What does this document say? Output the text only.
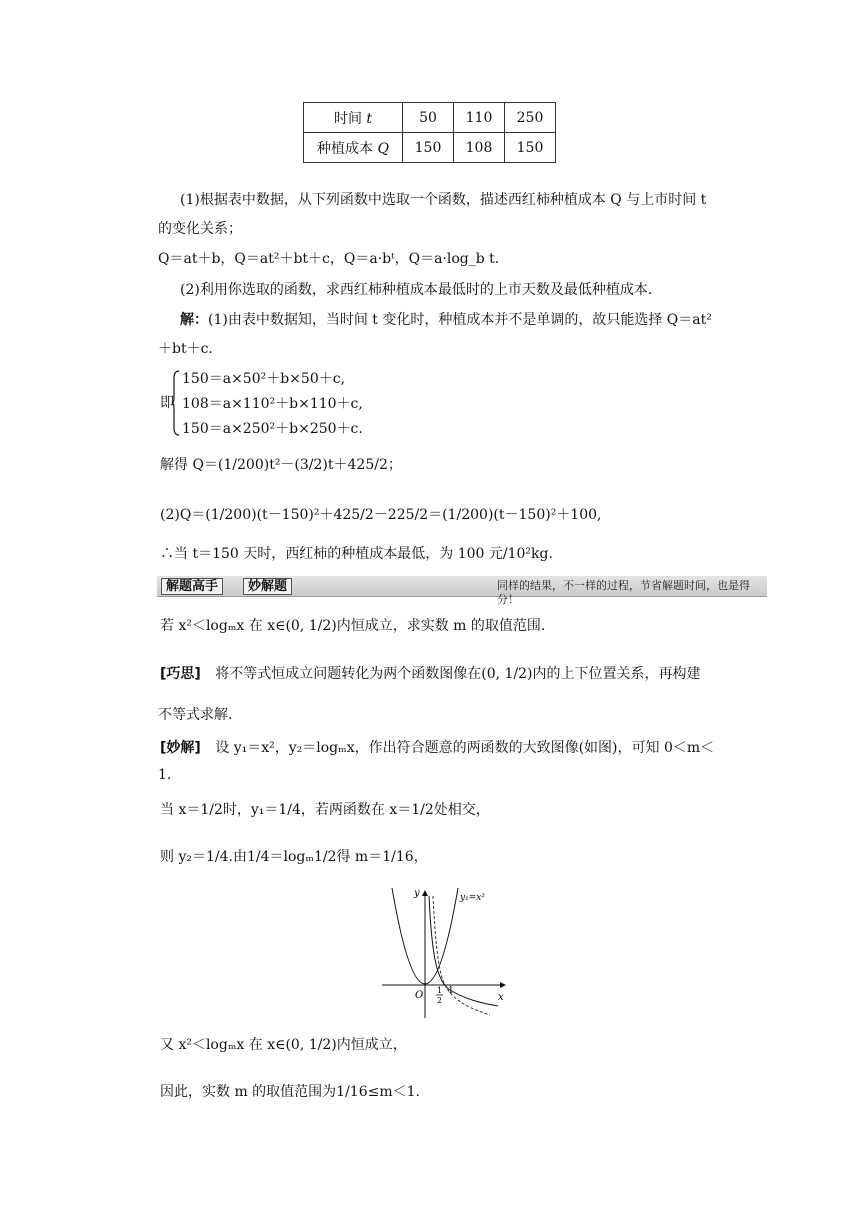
时间 t	50	110	250
种植成本 Q	150	108	150
(1)根据表中数据，从下列函数中选取一个函数，描述西红柿种植成本 Q 与上市时间 t
的变化关系；
Q＝at＋b，Q＝at²＋bt＋c，Q＝a·bᵗ，Q＝a·log_b t.
(2)利用你选取的函数，求西红柿种植成本最低时的上市天数及最低种植成本.
解：(1)由表中数据知，当时间 t 变化时，种植成本并不是单调的，故只能选择 Q＝at²
＋bt＋c.
即
150＝a×50²＋b×50＋c,
108＝a×110²＋b×110＋c,
150＝a×250²＋b×250＋c.
解得 Q＝(1/200)t²－(3/2)t＋425/2；
(2)Q＝(1/200)(t－150)²＋425/2－225/2＝(1/200)(t－150)²＋100,
∴当 t＝150 天时，西红柿的种植成本最低，为 100 元/10²kg.
解题高手	妙解题	同样的结果，不一样的过程，节省解题时间，也是得分！
若 x²＜logₘx 在 x∈(0, 1/2)内恒成立，求实数 m 的取值范围.
[巧思] 将不等式恒成立问题转化为两个函数图像在(0, 1/2)内的上下位置关系，再构建
不等式求解.
[妙解] 设 y₁＝x²，y₂＝logₘx，作出符合题意的两函数的大致图像(如图)，可知 0＜m＜
1.
当 x＝1/2时，y₁＝1/4，若两函数在 x＝1/2处相交，
则 y₂＝1/4.由1/4＝logₘ1/2得 m＝1/16，
y
x
O
y₁=x²
1
2
1
又 x²＜logₘx 在 x∈(0, 1/2)内恒成立，
因此，实数 m 的取值范围为1/16≤m＜1.
